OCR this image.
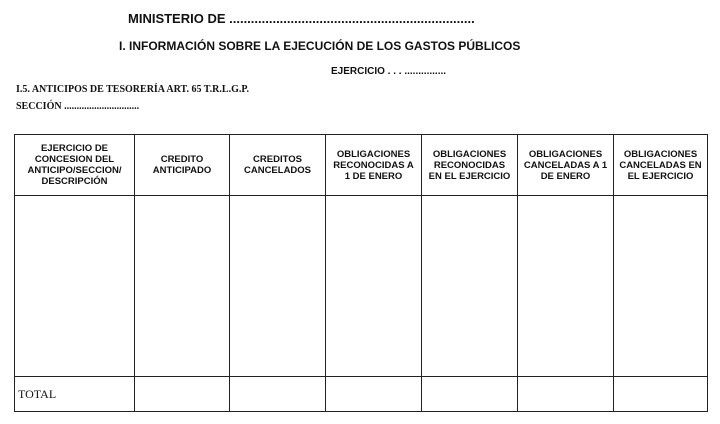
MINISTERIO DE ....................................................................
I. INFORMACIÓN SOBRE LA EJECUCIÓN DE LOS GASTOS PÚBLICOS
EJERCICIO . . . ...............
I.5. ANTICIPOS DE TESORERÍA ART. 65 T.R.L.G.P.
SECCIÓN ..............................
EJERCICIO DE CONCESION DEL ANTICIPO/SECCION/ DESCRIPCIÓN	CREDITO ANTICIPADO	CREDITOS CANCELADOS	OBLIGACIONES RECONOCIDAS A 1 DE ENERO	OBLIGACIONES RECONOCIDAS EN EL EJERCICIO	OBLIGACIONES CANCELADAS A 1 DE ENERO	OBLIGACIONES CANCELADAS EN EL EJERCICIO

TOTAL						
